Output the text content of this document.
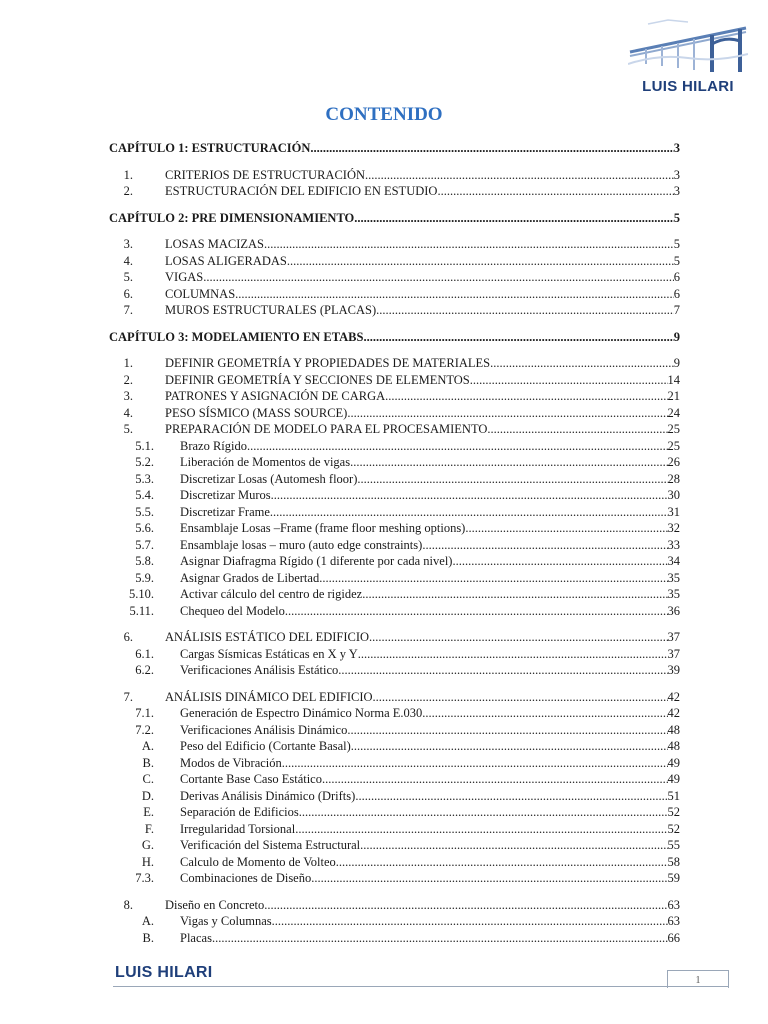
LUIS HILARI
CONTENIDO
CAPÍTULO 1: ESTRUCTURACIÓN .....	3
1.	CRITERIOS DE ESTRUCTURACIÓN .....	3
2.	ESTRUCTURACIÓN DEL EDIFICIO EN ESTUDIO .....	3
CAPÍTULO 2: PRE DIMENSIONAMIENTO .....	5
3.	LOSAS MACIZAS .....	5
4.	LOSAS ALIGERADAS .....	5
5.	VIGAS .....	6
6.	COLUMNAS .....	6
7.	MUROS ESTRUCTURALES (PLACAS) .....	7
CAPÍTULO 3: MODELAMIENTO EN ETABS .....	9
1.	DEFINIR GEOMETRÍA Y PROPIEDADES DE MATERIALES .....	9
2.	DEFINIR GEOMETRÍA Y SECCIONES DE ELEMENTOS .....	14
3.	PATRONES Y ASIGNACIÓN DE CARGA .....	21
4.	PESO SÍSMICO (MASS SOURCE) .....	24
5.	PREPARACIÓN DE MODELO PARA EL PROCESAMIENTO .....	25
5.1. Brazo Rígido .....	25
5.2. Liberación de Momentos de vigas .....	26
5.3. Discretizar Losas (Automesh floor) .....	28
5.4. Discretizar Muros .....	30
5.5. Discretizar Frame .....	31
5.6. Ensamblaje Losas –Frame (frame floor meshing options) .....	32
5.7. Ensamblaje losas – muro (auto edge constraints) .....	33
5.8. Asignar Diafragma Rígido (1 diferente por cada nivel) .....	34
5.9. Asignar Grados de Libertad .....	35
5.10. Activar cálculo del centro de rigidez .....	35
5.11. Chequeo del Modelo .....	36
6.	ANÁLISIS ESTÁTICO DEL EDIFICIO .....	37
6.1. Cargas Sísmicas Estáticas en X y Y .....	37
6.2. Verificaciones Análisis Estático .....	39
7.	ANÁLISIS DINÁMICO DEL EDIFICIO .....	42
7.1. Generación de Espectro Dinámico Norma E.030 .....	42
7.2. Verificaciones Análisis Dinámico .....	48
A. Peso del Edificio (Cortante Basal) .....	48
B. Modos de Vibración .....	49
C. Cortante Base Caso Estático .....	49
D. Derivas Análisis Dinámico (Drifts) .....	51
E. Separación de Edificios .....	52
F. Irregularidad Torsional .....	52
G. Verificación del Sistema Estructural .....	55
H. Calculo de Momento de Volteo .....	58
7.3. Combinaciones de Diseño .....	59
8.	Diseño en Concreto .....	63
A. Vigas y Columnas .....	63
B. Placas .....	66
LUIS HILARI	1
